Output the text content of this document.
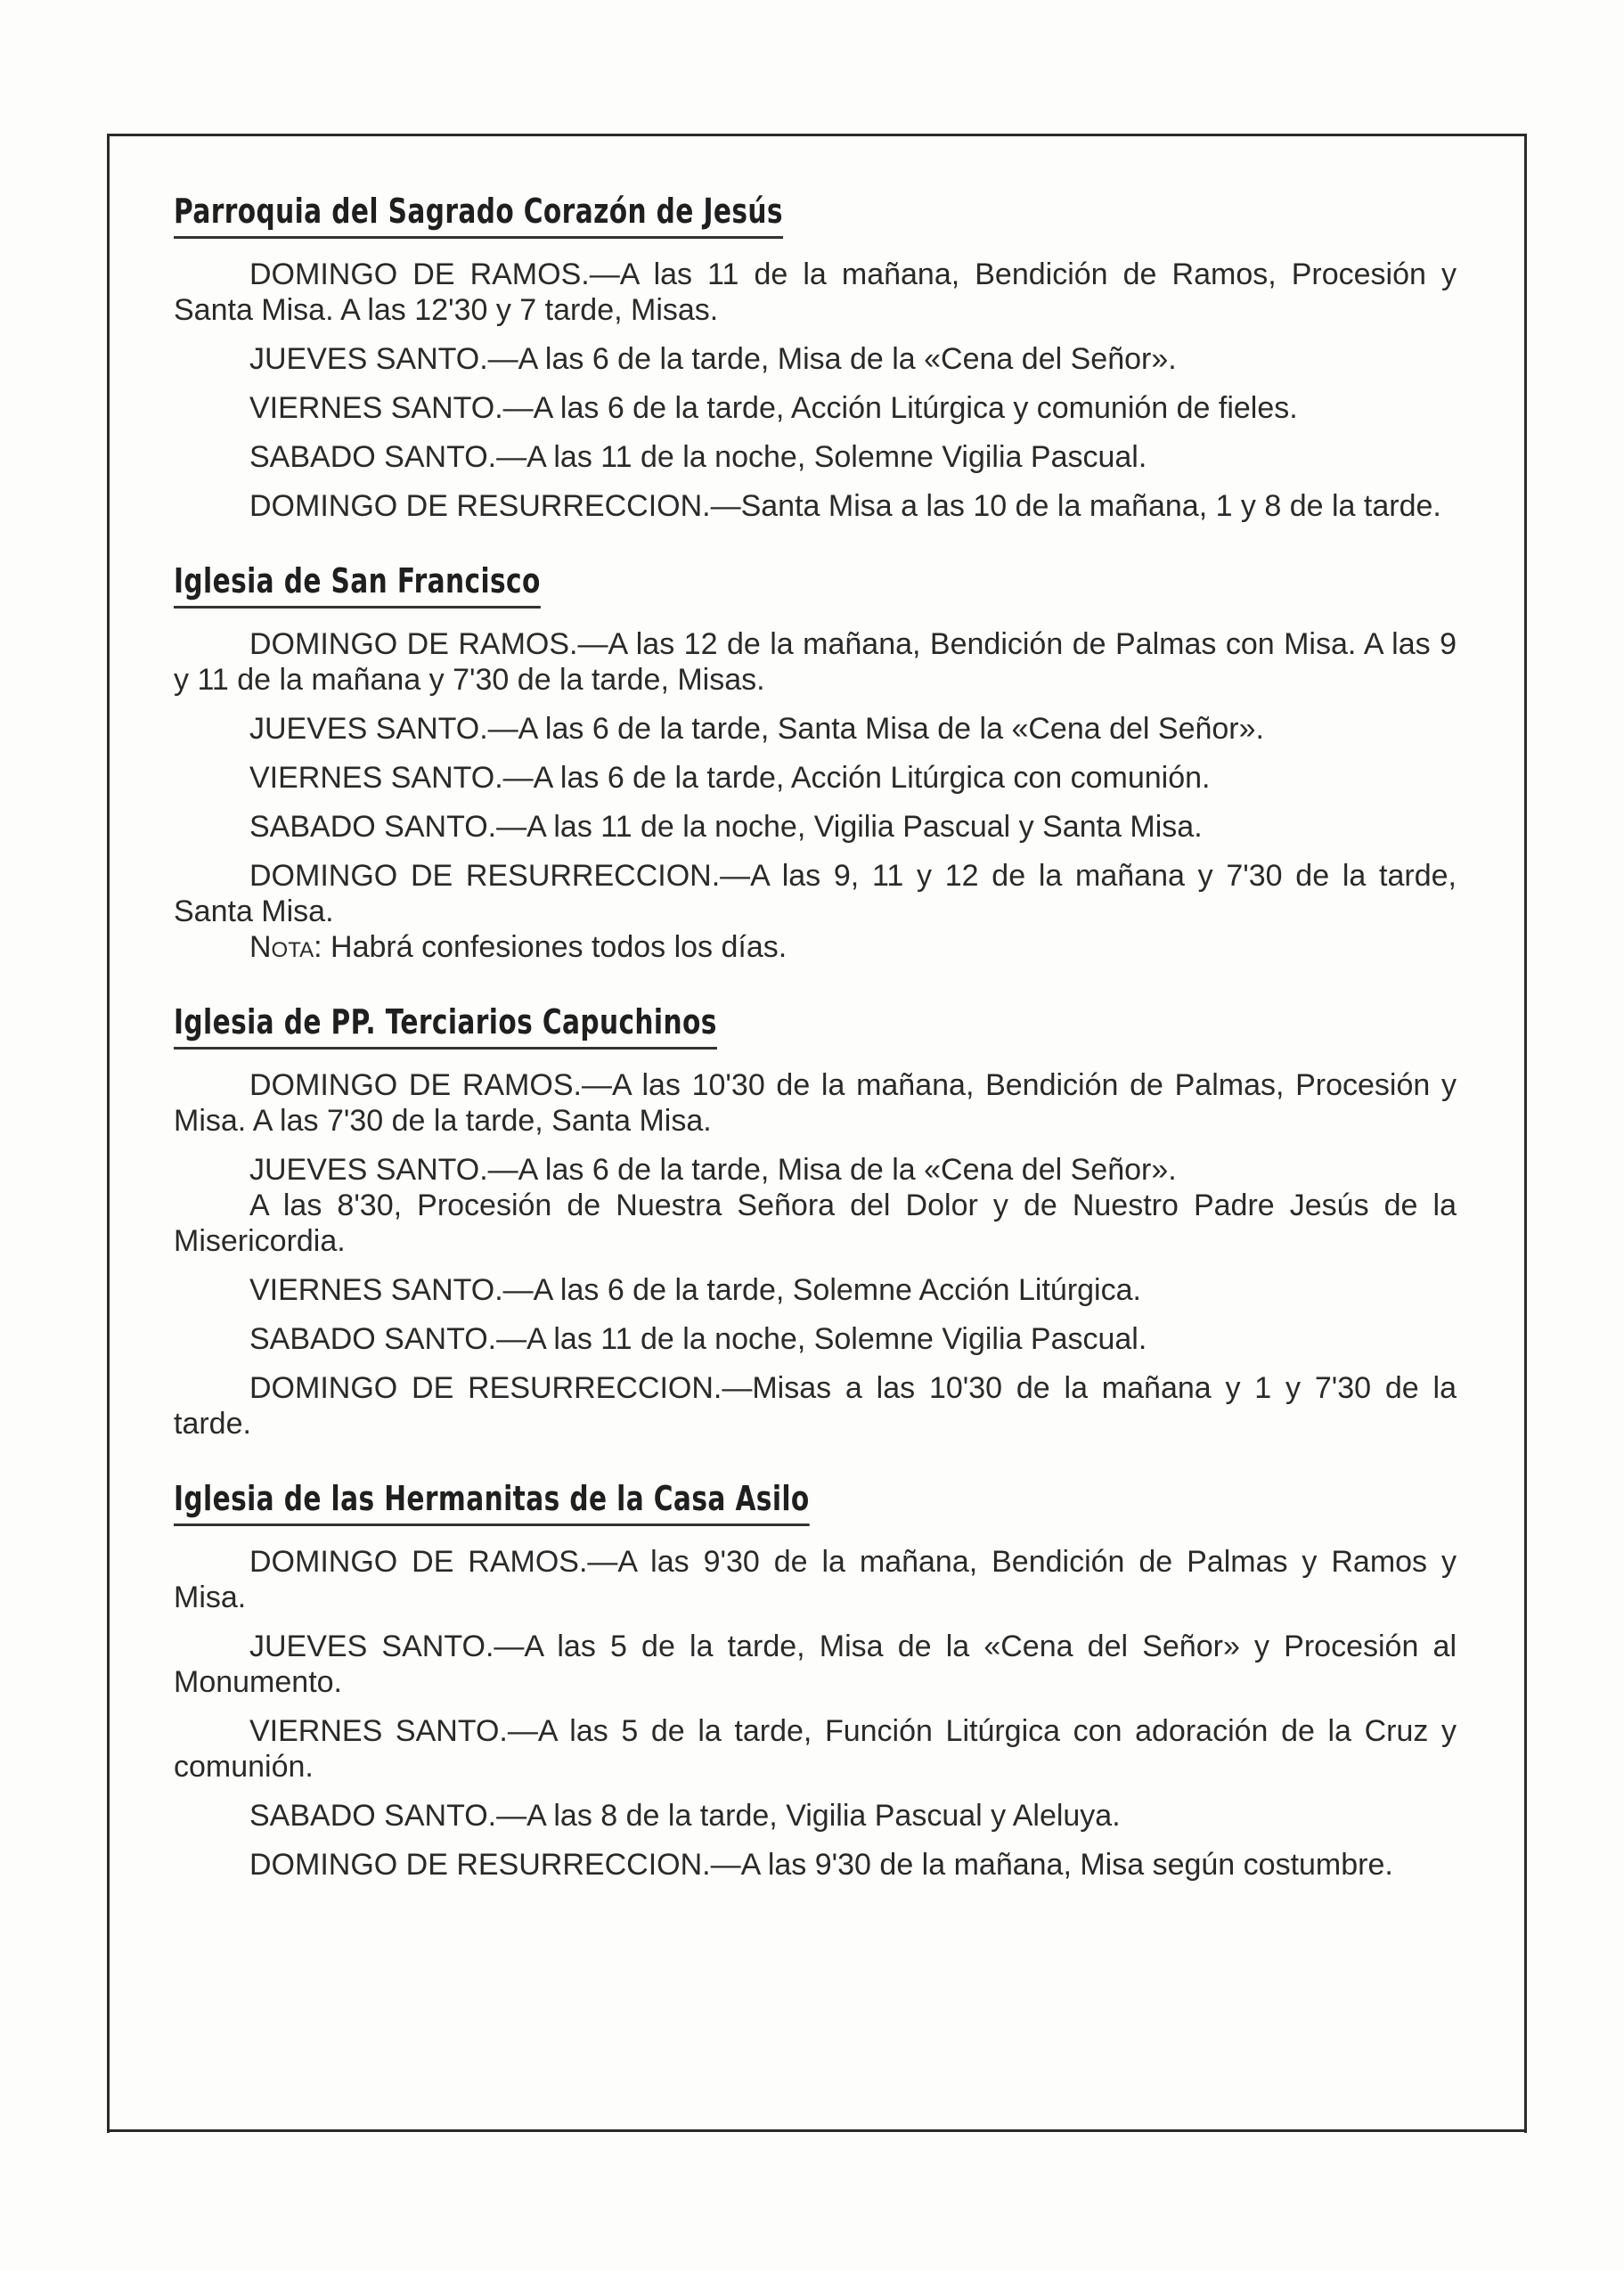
Parroquia del Sagrado Corazón de Jesús

DOMINGO DE RAMOS.—A las 11 de la mañana, Bendición de Ramos, Procesión y Santa Misa. A las 12'30 y 7 tarde, Misas.

JUEVES SANTO.—A las 6 de la tarde, Misa de la «Cena del Señor».

VIERNES SANTO.—A las 6 de la tarde, Acción Litúrgica y comunión de fieles.

SABADO SANTO.—A las 11 de la noche, Solemne Vigilia Pascual.

DOMINGO DE RESURRECCION.—Santa Misa a las 10 de la mañana, 1 y 8 de la tarde.

Iglesia de San Francisco

DOMINGO DE RAMOS.—A las 12 de la mañana, Bendición de Palmas con Misa. A las 9 y 11 de la mañana y 7'30 de la tarde, Misas.

JUEVES SANTO.—A las 6 de la tarde, Santa Misa de la «Cena del Señor».

VIERNES SANTO.—A las 6 de la tarde, Acción Litúrgica con comunión.

SABADO SANTO.—A las 11 de la noche, Vigilia Pascual y Santa Misa.

DOMINGO DE RESURRECCION.—A las 9, 11 y 12 de la mañana y 7'30 de la tarde, Santa Misa.

Nota: Habrá confesiones todos los días.

Iglesia de PP. Terciarios Capuchinos

DOMINGO DE RAMOS.—A las 10'30 de la mañana, Bendición de Palmas, Procesión y Misa. A las 7'30 de la tarde, Santa Misa.

JUEVES SANTO.—A las 6 de la tarde, Misa de la «Cena del Señor».

A las 8'30, Procesión de Nuestra Señora del Dolor y de Nuestro Padre Jesús de la Misericordia.

VIERNES SANTO.—A las 6 de la tarde, Solemne Acción Litúrgica.

SABADO SANTO.—A las 11 de la noche, Solemne Vigilia Pascual.

DOMINGO DE RESURRECCION.—Misas a las 10'30 de la mañana y 1 y 7'30 de la tarde.

Iglesia de las Hermanitas de la Casa Asilo

DOMINGO DE RAMOS.—A las 9'30 de la mañana, Bendición de Palmas y Ramos y Misa.

JUEVES SANTO.—A las 5 de la tarde, Misa de la «Cena del Señor» y Procesión al Monumento.

VIERNES SANTO.—A las 5 de la tarde, Función Litúrgica con adoración de la Cruz y comunión.

SABADO SANTO.—A las 8 de la tarde, Vigilia Pascual y Aleluya.

DOMINGO DE RESURRECCION.—A las 9'30 de la mañana, Misa según costumbre.
